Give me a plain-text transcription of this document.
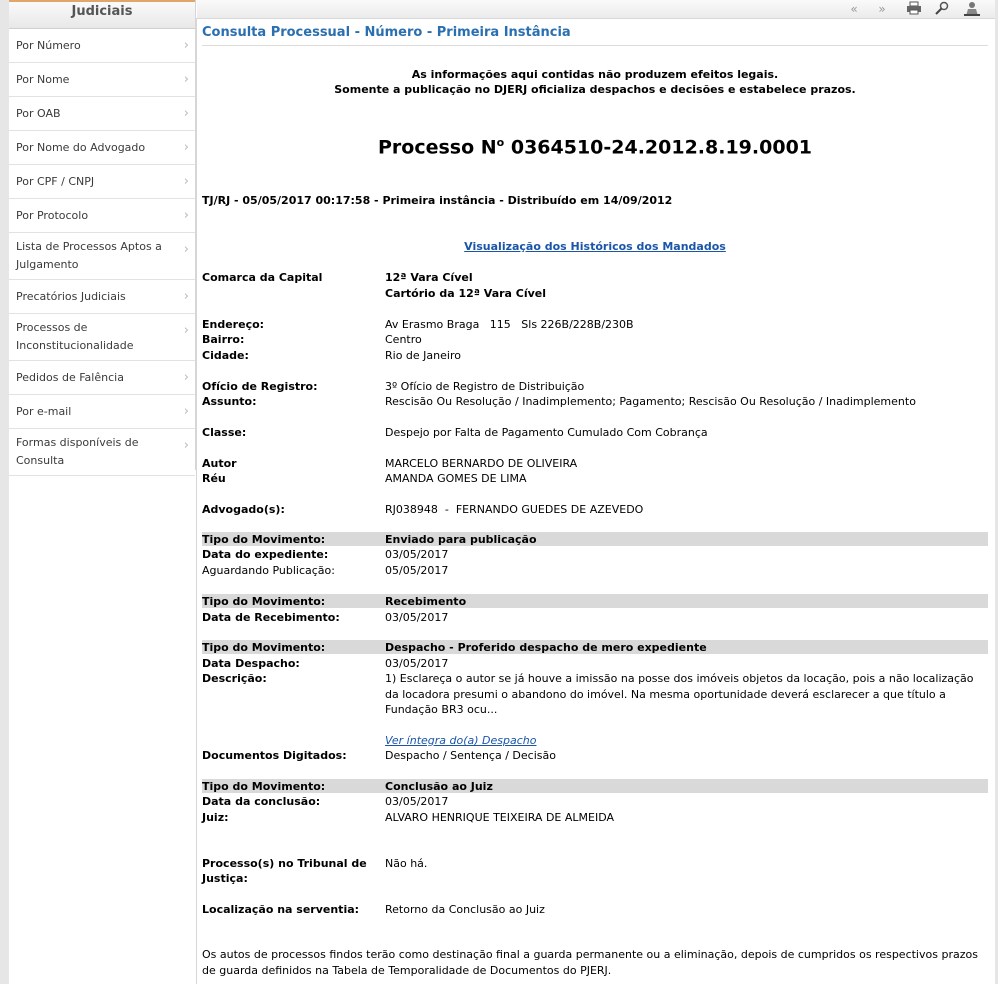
Judiciais
Por Número	›
Por Nome	›
Por OAB	›
Por Nome do Advogado	›
Por CPF / CNPJ	›
Por Protocolo	›
Lista de Processos Aptos a Julgamento
›
Precatórios Judiciais	›
Processos de Inconstitucionalidade
›
Pedidos de Falência	›
Por e-mail	›
Formas disponíveis de Consulta
›
«	»
Consulta Processual - Número - Primeira Instância
As informações aqui contidas não produzem efeitos legais.
Somente a publicação no DJERJ oficializa despachos e decisões e estabelece prazos.
Processo $N^o$ 0364510-24.2012.8.19.0001
TJ/RJ - 05/05/2017 00:17:58 - Primeira instância - Distribuído em 14/09/2012
Visualização dos Históricos dos Mandados
Comarca da Capital	12ª Vara Cível
Cartório da 12ª Vara Cível
Endereço:	Av Erasmo Braga   115   Sls 226B/228B/230B
Bairro:	Centro
Cidade:	Rio de Janeiro
Ofício de Registro:	3º Ofício de Registro de Distribuição
Assunto:	Rescisão Ou Resolução / Inadimplemento; Pagamento; Rescisão Ou Resolução / Inadimplemento
Classe:	Despejo por Falta de Pagamento Cumulado Com Cobrança
Autor	MARCELO BERNARDO DE OLIVEIRA
Réu	AMANDA GOMES DE LIMA
Advogado(s):	RJ038948  -  FERNANDO GUEDES DE AZEVEDO
Tipo do Movimento:	Enviado para publicação
Data do expediente:	03/05/2017
Aguardando Publicação:	05/05/2017
Tipo do Movimento:	Recebimento
Data de Recebimento:	03/05/2017
Tipo do Movimento:	Despacho - Proferido despacho de mero expediente
Data Despacho:	03/05/2017
Descrição:	1) Esclareça o autor se já houve a imissão na posse dos imóveis objetos da locação, pois a não localização da locadora presumi o abandono do imóvel. Na mesma oportunidade deverá esclarecer a que título a Fundação BR3 ocu...
Ver íntegra do(a) Despacho
Documentos Digitados:	Despacho / Sentença / Decisão
Tipo do Movimento:	Conclusão ao Juiz
Data da conclusão:	03/05/2017
Juiz:	ALVARO HENRIQUE TEIXEIRA DE ALMEIDA
Processo(s) no Tribunal de
Justiça:
Não há.
Localização na serventia: Retorno da Conclusão ao Juiz
Os autos de processos findos terão como destinação final a guarda permanente ou a eliminação, depois de cumpridos os respectivos prazos de guarda definidos na Tabela de Temporalidade de Documentos do PJERJ.
